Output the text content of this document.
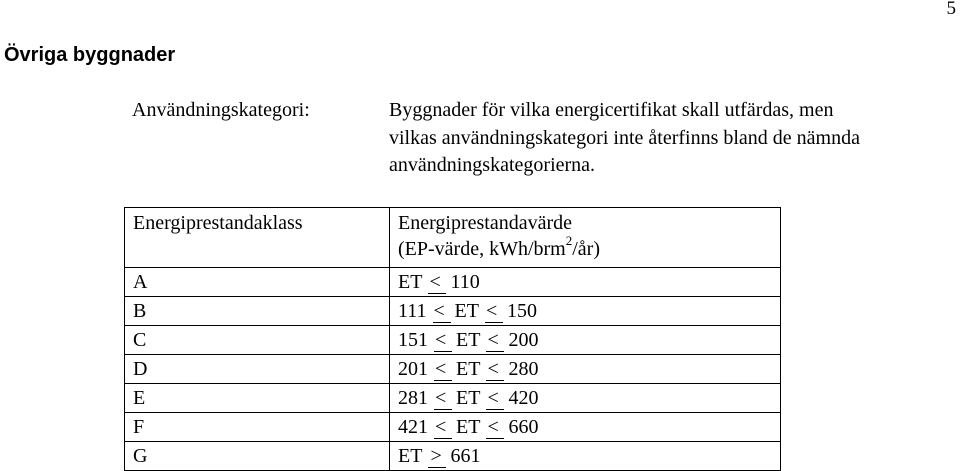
5
Övriga byggnader
Användningskategori:	Byggnader för vilka energicertifikat skall utfärdas, men
vilkas användningskategori inte återfinns bland de nämnda
användningskategorierna.
Energiprestandaklass	Energiprestandavärde
(EP-värde, kWh/brm$^2$/år)

A	ET < 110
B	111 < ET < 150
C	151 < ET < 200
D	201 < ET < 280
E	281 < ET < 420
F	421 < ET < 660
G	ET > 661
